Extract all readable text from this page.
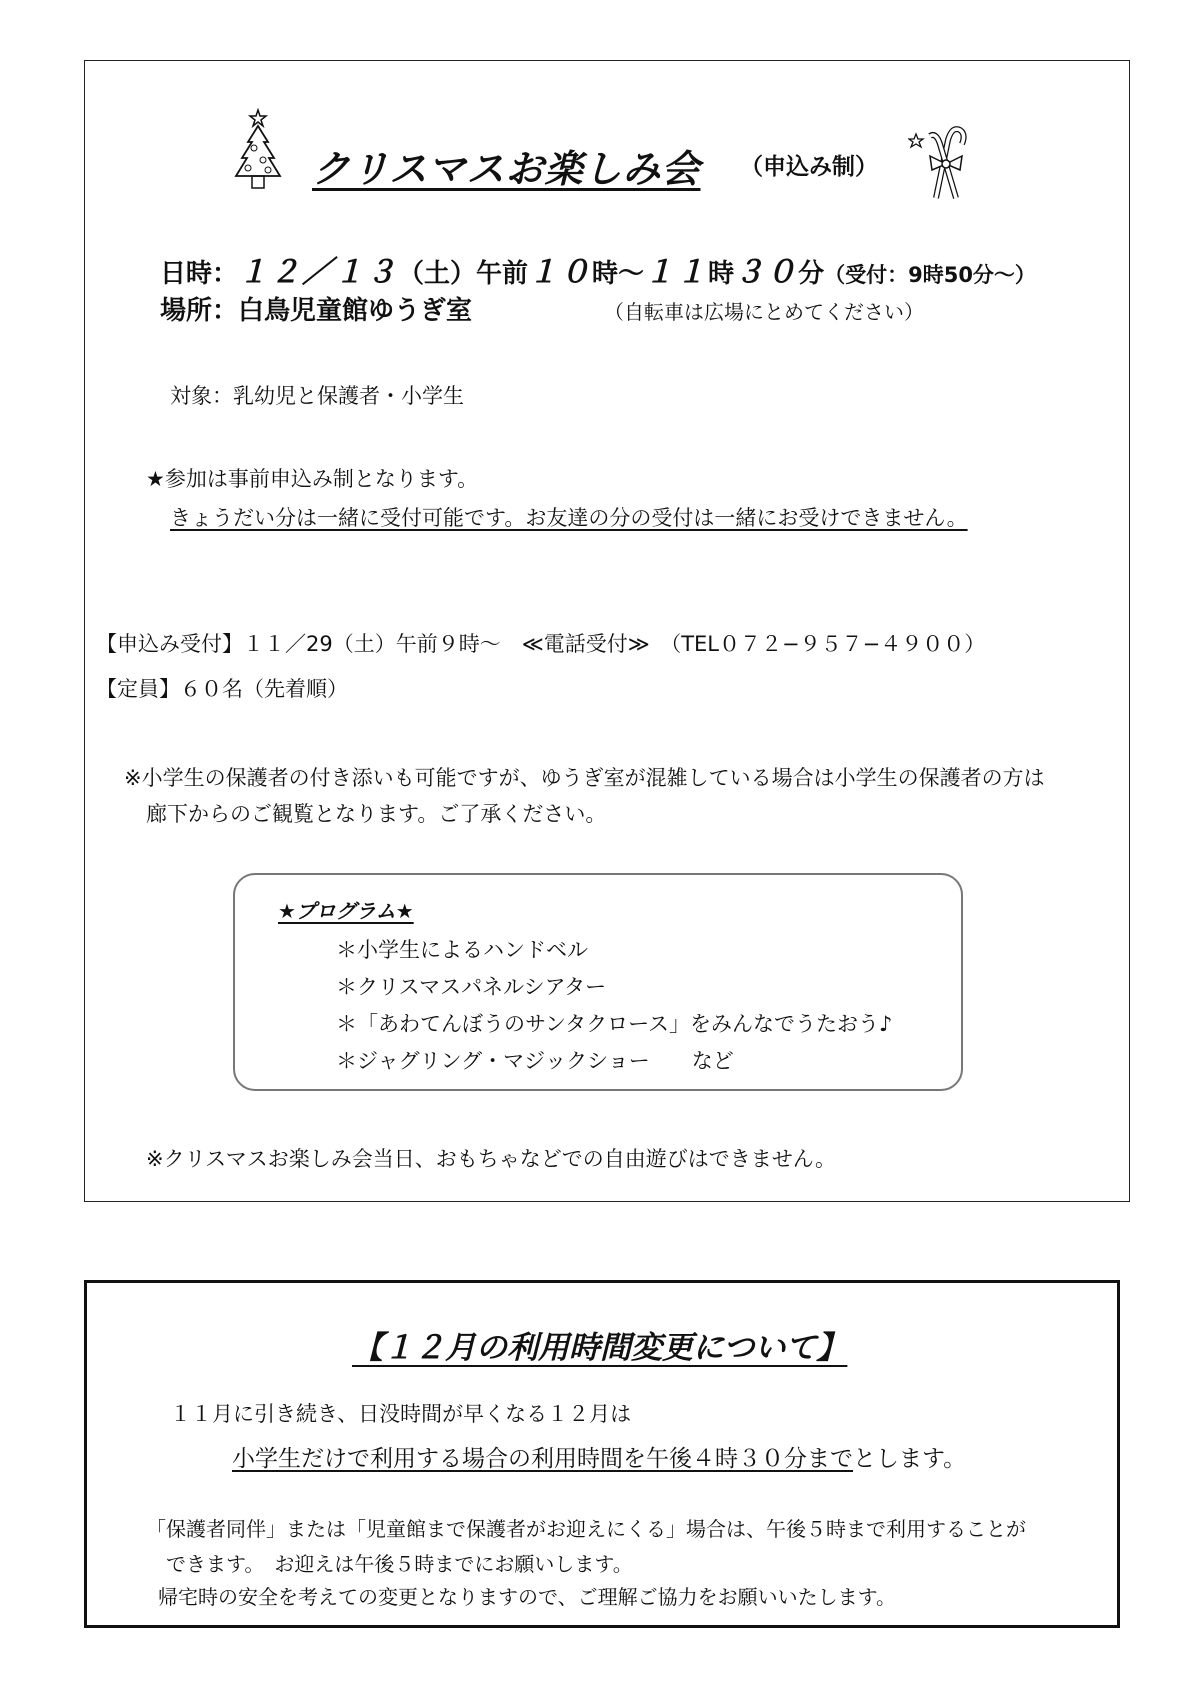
クリスマスお楽しみ会 （申込み制）
日時：１２／１３（土）午前１０時〜１１時３０分（受付：9時50分〜）
場所：白鳥児童館ゆうぎ室	（自転車は広場にとめてください）
対象：乳幼児と保護者・小学生
★参加は事前申込み制となります。
きょうだい分は一緒に受付可能です。お友達の分の受付は一緒にお受けできません。
【申込み受付】１１／29（土）午前９時〜　≪電話受付≫　 （TEL０７２−９５７−４９００）
【定員】６０名（先着順）
※小学生の保護者の付き添いも可能ですが、ゆうぎ室が混雑している場合は小学生の保護者の方は
廊下からのご観覧となります。ご了承ください。
★プログラム★
＊小学生によるハンドベル
＊クリスマスパネルシアター
＊「あわてんぼうのサンタクロース」をみんなでうたおう♪
＊ジャグリング・マジックショー　　など
※クリスマスお楽しみ会当日、おもちゃなどでの自由遊びはできません。
【１２月の利用時間変更について】
１１月に引き続き、日没時間が早くなる１２月は
小学生だけで利用する場合の利用時間を午後４時３０分までとします。
「保護者同伴」または「児童館まで保護者がお迎えにくる」場合は、午後５時まで利用することが
できます。　お迎えは午後５時までにお願いします。
帰宅時の安全を考えての変更となりますので、ご理解ご協力をお願いいたします。
